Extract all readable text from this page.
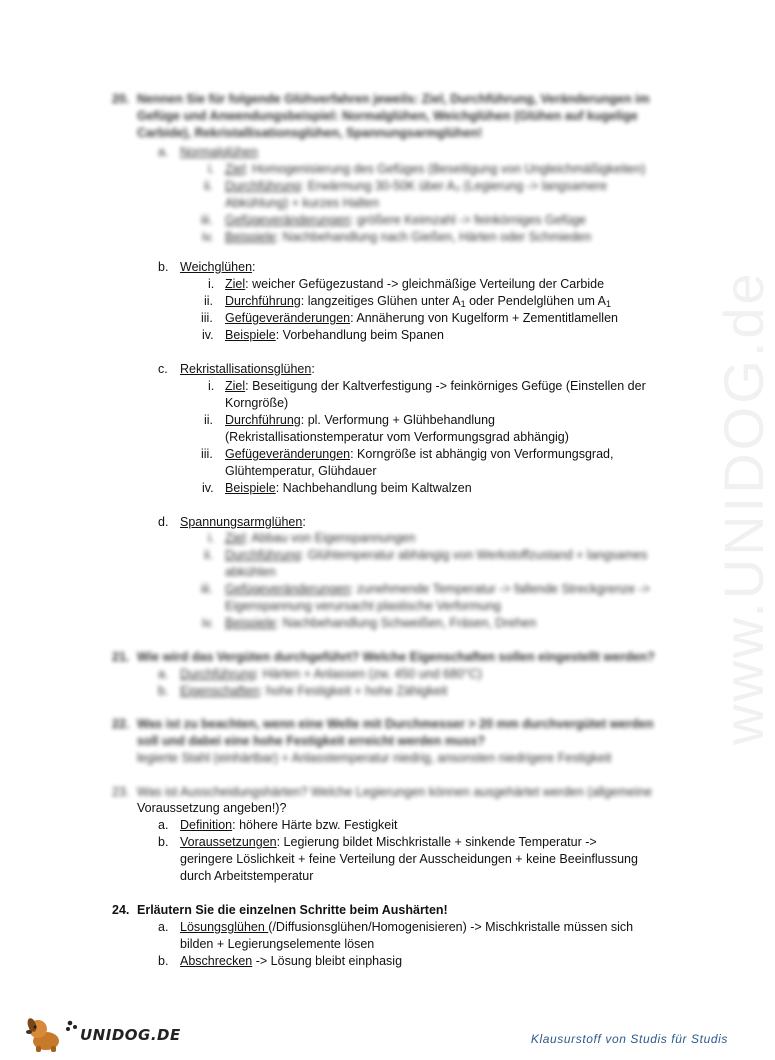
www.UNIDOG.de
20. Nennen Sie für folgende Glühverfahren jeweils: Ziel, Durchführung, Veränderungen im
Gefüge und Anwendungsbeispiel: Normalglühen, Weichglühen (Glühen auf kugelige
Carbide), Rekristallisationsglühen, Spannungsarmglühen!
a. Normalglühen
i. Ziel: Homogenisierung des Gefüges (Beseitigung von Ungleichmäßigkeiten)
ii. Durchführung: Erwärmung 30-50K über A₃ (Legierung -> langsamere
Abkühlung) + kurzes Halten
iii. Gefügeveränderungen: größere Keimzahl -> feinkörniges Gefüge
iv. Beispiele: Nachbehandlung nach Gießen, Härten oder Schmieden
b. Weichglühen:
i. Ziel: weicher Gefügezustand -> gleichmäßige Verteilung der Carbide
ii. Durchführung: langzeitiges Glühen unter $A_1$ oder Pendelglühen um $A_1$
iii. Gefügeveränderungen: Annäherung von Kugelform + Zementitlamellen
iv. Beispiele: Vorbehandlung beim Spanen
c. Rekristallisationsglühen:
i. Ziel: Beseitigung der Kaltverfestigung -> feinkörniges Gefüge (Einstellen der
Korngröße)
ii. Durchführung: pl. Verformung + Glühbehandlung
(Rekristallisationstemperatur vom Verformungsgrad abhängig)
iii. Gefügeveränderungen: Korngröße ist abhängig von Verformungsgrad,
Glühtemperatur, Glühdauer
iv. Beispiele: Nachbehandlung beim Kaltwalzen
d. Spannungsarmglühen:
i. Ziel: Abbau von Eigenspannungen
ii. Durchführung: Glühtemperatur abhängig von Werkstoffzustand + langsames
abkühlen
iii. Gefügeveränderungen: zunehmende Temperatur -> fallende Streckgrenze ->
Eigenspannung verursacht plastische Verformung
iv. Beispiele: Nachbehandlung Schweißen, Fräsen, Drehen
21. Wie wird das Vergüten durchgeführt? Welche Eigenschaften sollen eingestellt werden?
a. Durchführung: Härten + Anlassen (zw. 450 und 680°C)
b. Eigenschaften: hohe Festigkeit + hohe Zähigkeit
22. Was ist zu beachten, wenn eine Welle mit Durchmesser > 20 mm durchvergütet werden
soll und dabei eine hohe Festigkeit erreicht werden muss?
legierte Stahl (einhärtbar) + Anlasstemperatur niedrig, ansonsten niedrigere Festigkeit
23. Was ist Ausscheidungshärten? Welche Legierungen können ausgehärtet werden (allgemeine
Voraussetzung angeben!)?
a. Definition: höhere Härte bzw. Festigkeit
b. Voraussetzungen: Legierung bildet Mischkristalle + sinkende Temperatur ->
geringere Löslichkeit + feine Verteilung der Ausscheidungen + keine Beeinflussung
durch Arbeitstemperatur
24. Erläutern Sie die einzelnen Schritte beim Aushärten!
a. Lösungsglühen (/Diffusionsglühen/Homogenisieren) -> Mischkristalle müssen sich
bilden + Legierungselemente lösen
b. Abschrecken -> Lösung bleibt einphasig
UNIDOG.DE	Klausurstoff von Studis für Studis
